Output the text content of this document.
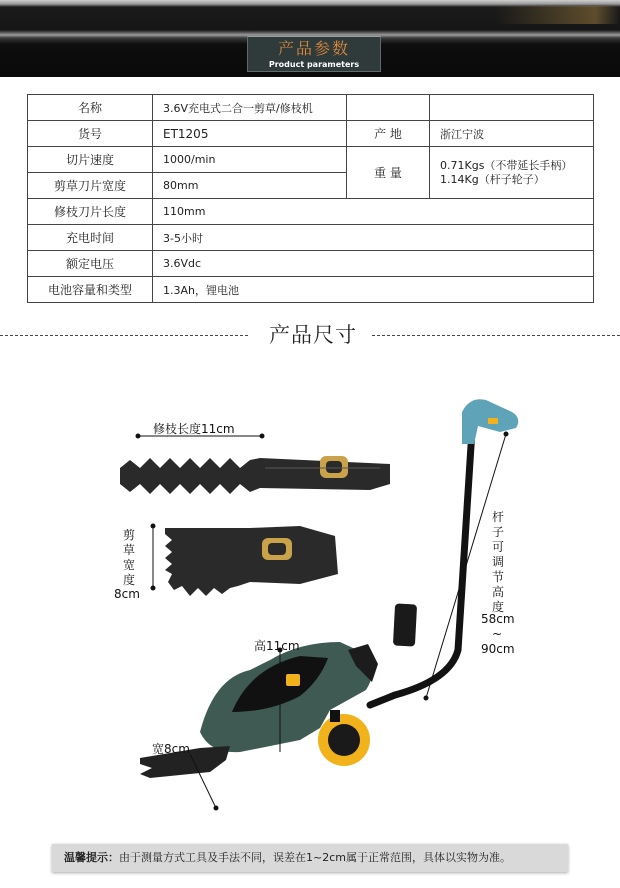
产品参数
Product parameters
名称	3.6V充电式二合一剪草/修枝机		
货号	ET1205	产 地	浙江宁波
切片速度	1000/min	重 量	0.71Kgs（不带延长手柄）
1.14Kg（杆子轮子）

剪草刀片宽度	80mm		
修枝刀片长度	110mm		
充电时间	3-5小时		
额定电压	3.6Vdc		
电池容量和类型	1.3Ah，锂电池		
产品尺寸
修枝长度11cm
剪草宽度
8cm
杆子可调节高度
58cm
~
90cm
高11cm
宽8cm
温馨提示：由于测量方式工具及手法不同，误差在1~2cm属于正常范围，具体以实物为准。
